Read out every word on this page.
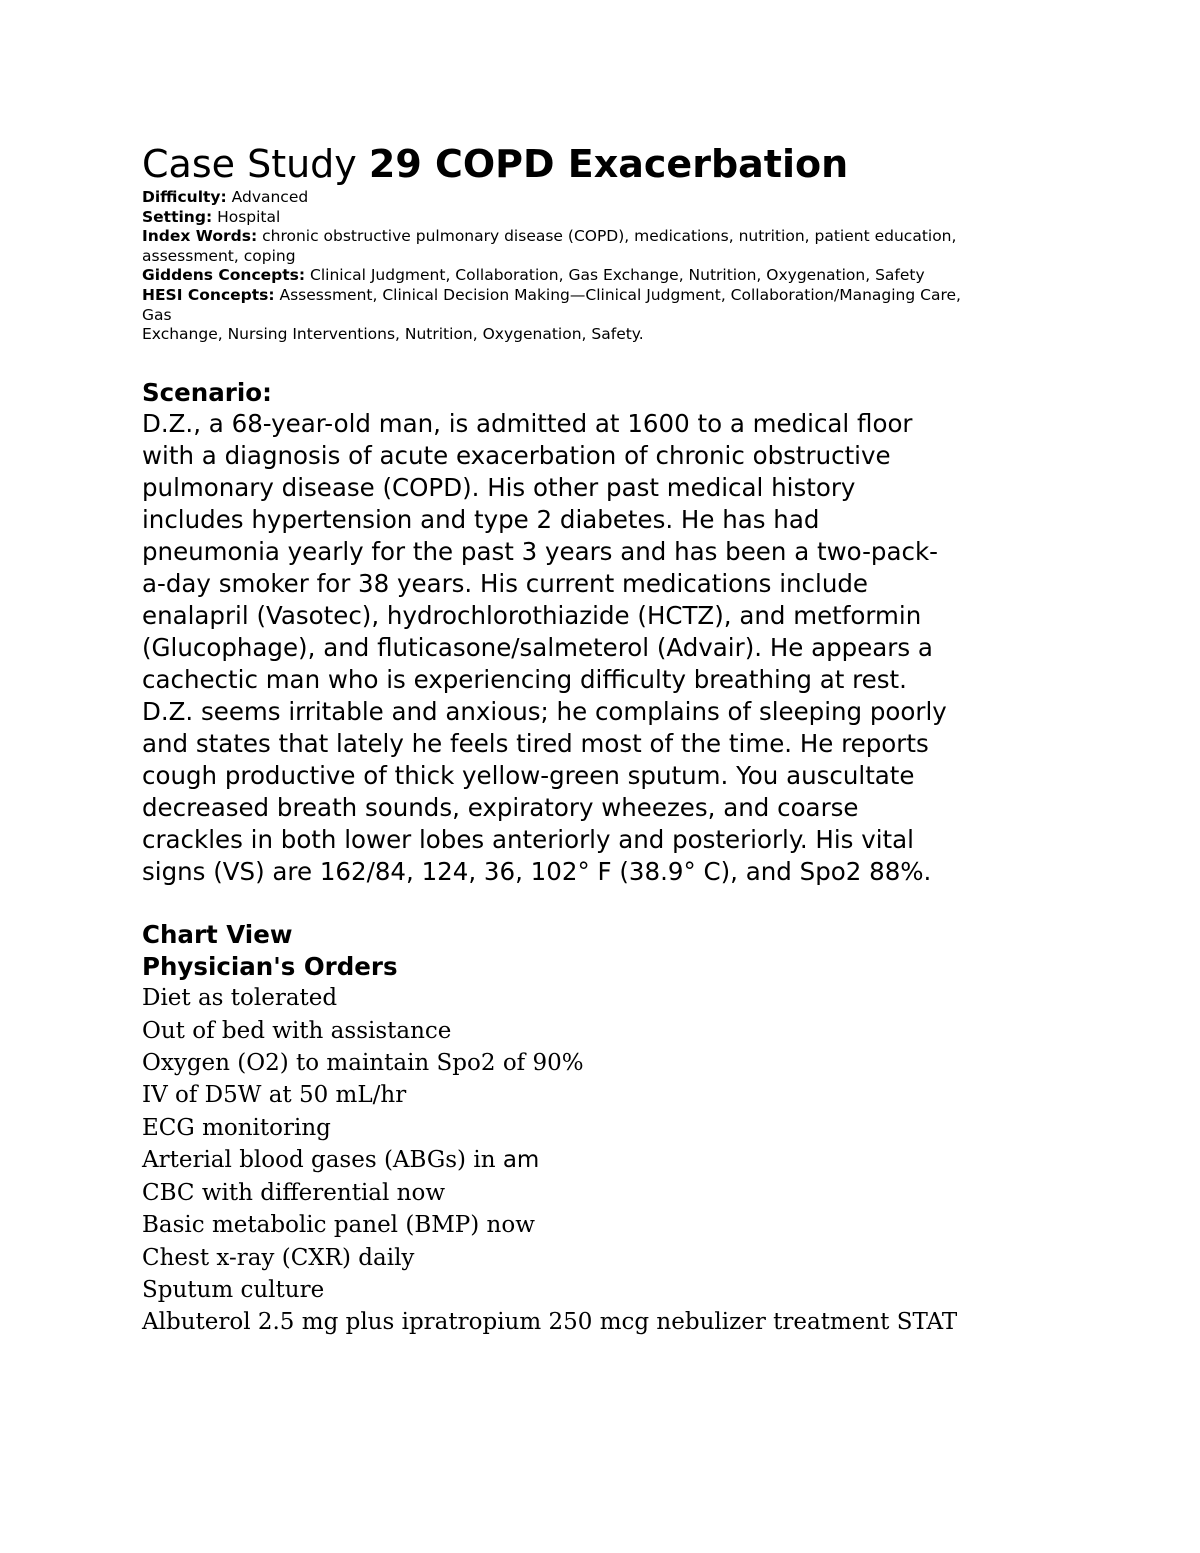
Case Study 29 COPD Exacerbation

Difficulty: Advanced

Setting: Hospital

Index Words: chronic obstructive pulmonary disease (COPD), medications, nutrition, patient education,

assessment, coping

Giddens Concepts: Clinical Judgment, Collaboration, Gas Exchange, Nutrition, Oxygenation, Safety

HESI Concepts: Assessment, Clinical Decision Making—Clinical Judgment, Collaboration/Managing Care,

Gas

Exchange, Nursing Interventions, Nutrition, Oxygenation, Safety.

Scenario:
D.Z., a 68-year-old man, is admitted at 1600 to a medical floor
with a diagnosis of acute exacerbation of chronic obstructive
pulmonary disease (COPD). His other past medical history
includes hypertension and type 2 diabetes. He has had
pneumonia yearly for the past 3 years and has been a two-pack-
a-day smoker for 38 years. His current medications include
enalapril (Vasotec), hydrochlorothiazide (HCTZ), and metformin
(Glucophage), and fluticasone/salmeterol (Advair). He appears a
cachectic man who is experiencing difficulty breathing at rest.
D.Z. seems irritable and anxious; he complains of sleeping poorly
and states that lately he feels tired most of the time. He reports
cough productive of thick yellow-green sputum. You auscultate
decreased breath sounds, expiratory wheezes, and coarse
crackles in both lower lobes anteriorly and posteriorly. His vital
signs (VS) are 162/84, 124, 36, 102° F (38.9° C), and Spo2 88%.
Chart View
Physician's Orders
Diet as tolerated
Out of bed with assistance
Oxygen (O2) to maintain Spo2 of 90%
IV of D5W at 50 mL/hr
ECG monitoring
Arterial blood gases (ABGs) in am
CBC with differential now
Basic metabolic panel (BMP) now
Chest x-ray (CXR) daily
Sputum culture
Albuterol 2.5 mg plus ipratropium 250 mcg nebulizer treatment STAT
